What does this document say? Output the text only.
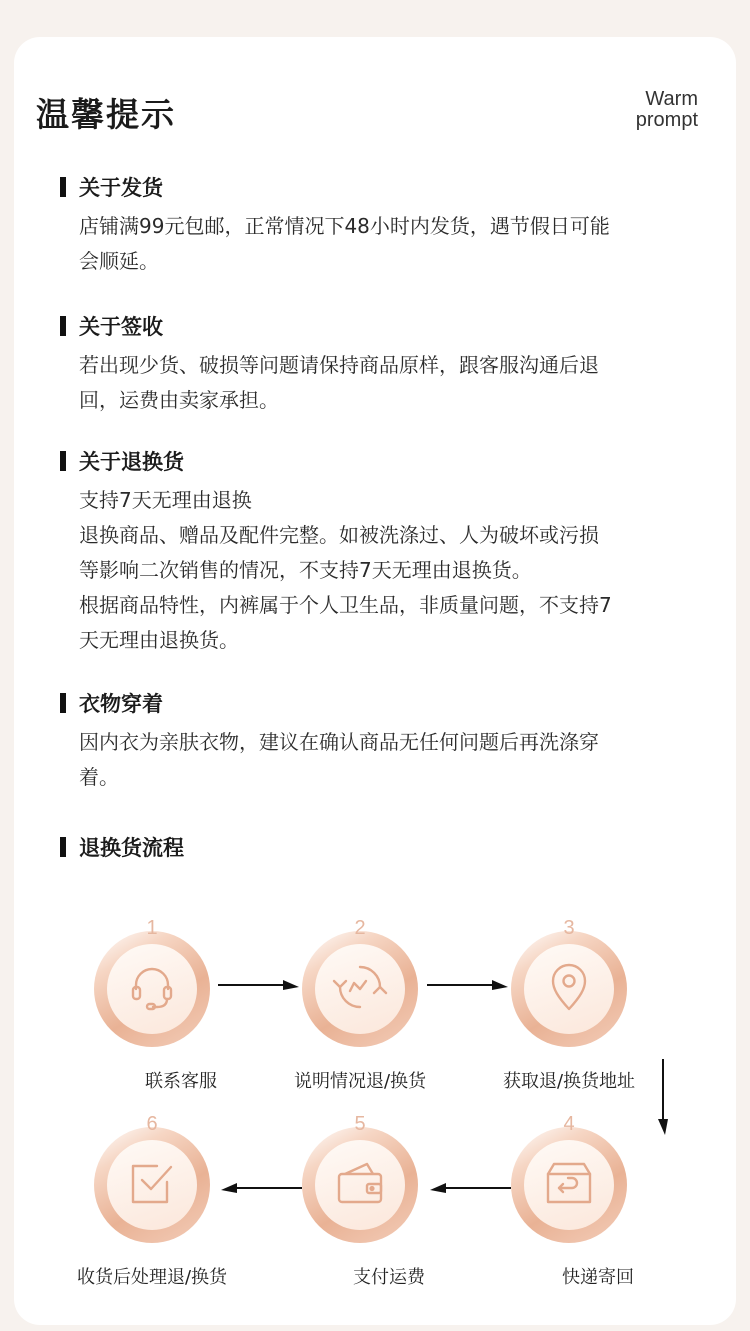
温馨提示	Warm
prompt
关于发货
店铺满99元包邮，正常情况下48小时内发货，遇节假日可能
会顺延。
关于签收
若出现少货、破损等问题请保持商品原样，跟客服沟通后退
回，运费由卖家承担。
关于退换货
支持7天无理由退换
退换商品、赠品及配件完整。如被洗涤过、人为破坏或污损
等影响二次销售的情况，不支持7天无理由退换货。
根据商品特性，内裤属于个人卫生品，非质量问题，不支持7
天无理由退换货。
衣物穿着
因内衣为亲肤衣物，建议在确认商品无任何问题后再洗涤穿
着。
退换货流程
1
联系客服
2
说明情况退/换货
3
获取退/换货地址
4
快递寄回
5
支付运费
6
收货后处理退/换货
